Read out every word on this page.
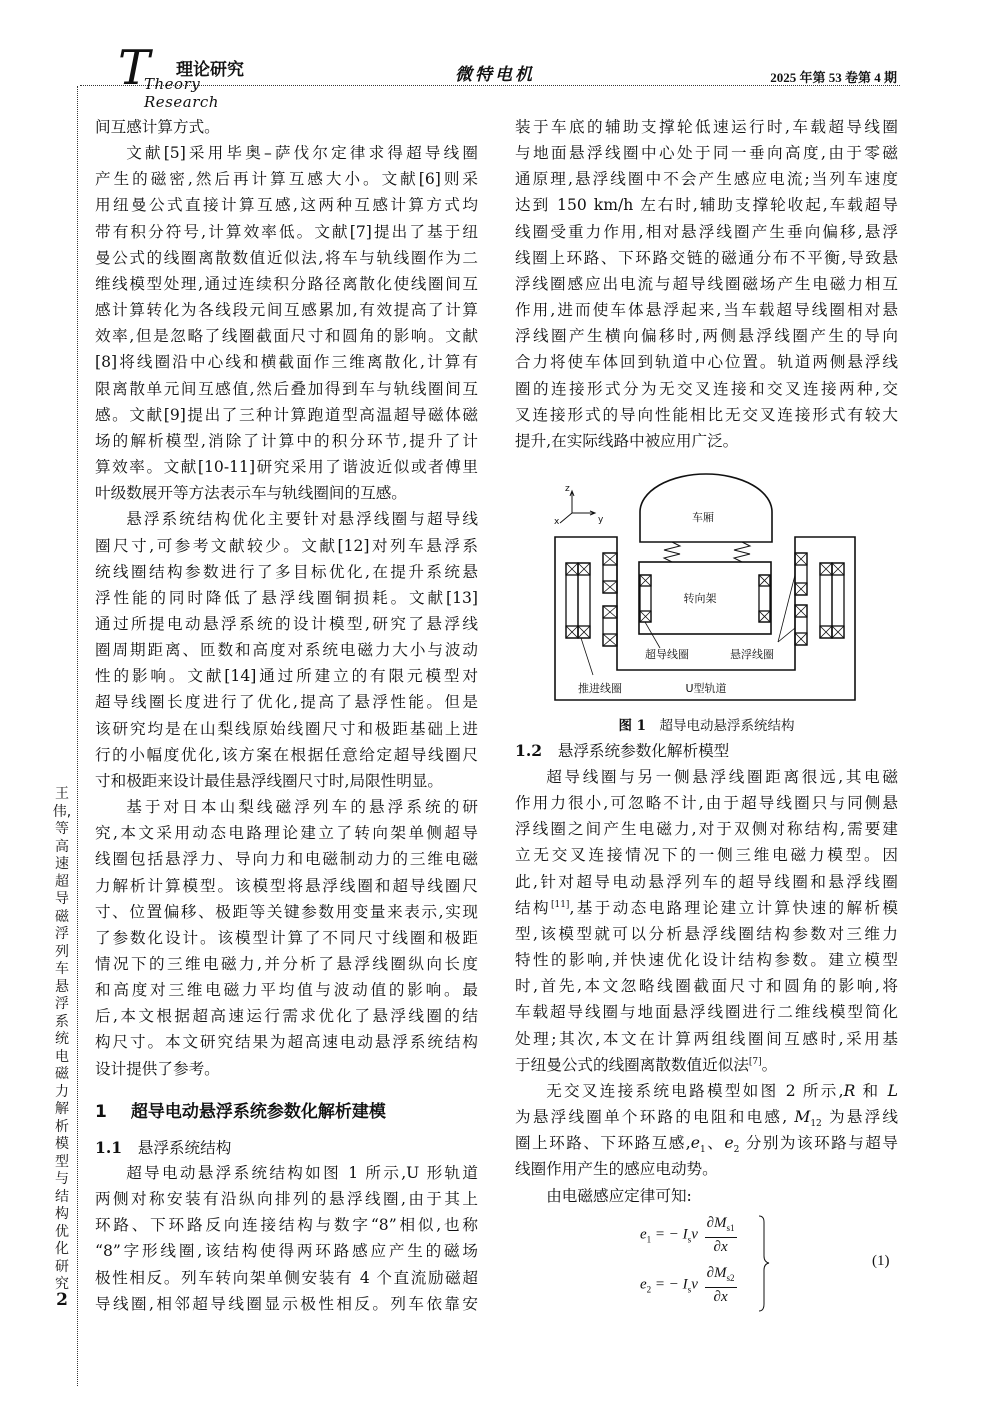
T 理论研究
Theory Research
微特电机	2025 年第 53 卷第 4 期
王　伟,等　高速超导磁浮列车悬浮系统电磁力解析模型与结构优化研究
2
间互感计算方式。
文献[5]采用毕奥–萨伐尔定律求得超导线圈
产生的磁密,然后再计算互感大小。文献[6]则采
用纽曼公式直接计算互感,这两种互感计算方式均
带有积分符号,计算效率低。文献[7]提出了基于纽
曼公式的线圈离散数值近似法,将车与轨线圈作为二
维线模型处理,通过连续积分路径离散化使线圈间互
感计算转化为各线段元间互感累加,有效提高了计算
效率,但是忽略了线圈截面尺寸和圆角的影响。文献
[8]将线圈沿中心线和横截面作三维离散化,计算有
限离散单元间互感值,然后叠加得到车与轨线圈间互
感。文献[9]提出了三种计算跑道型高温超导磁体磁
场的解析模型,消除了计算中的积分环节,提升了计
算效率。文献[10-11]研究采用了谐波近似或者傅里
叶级数展开等方法表示车与轨线圈间的互感。
悬浮系统结构优化主要针对悬浮线圈与超导线
圈尺寸,可参考文献较少。文献[12]对列车悬浮系
统线圈结构参数进行了多目标优化,在提升系统悬
浮性能的同时降低了悬浮线圈铜损耗。文献[13]
通过所提电动悬浮系统的设计模型,研究了悬浮线
圈周期距离、匝数和高度对系统电磁力大小与波动
性的影响。文献[14]通过所建立的有限元模型对
超导线圈长度进行了优化,提高了悬浮性能。但是
该研究均是在山梨线原始线圈尺寸和极距基础上进
行的小幅度优化,该方案在根据任意给定超导线圈尺
寸和极距来设计最佳悬浮线圈尺寸时,局限性明显。
基于对日本山梨线磁浮列车的悬浮系统的研
究,本文采用动态电路理论建立了转向架单侧超导
线圈包括悬浮力、导向力和电磁制动力的三维电磁
力解析计算模型。该模型将悬浮线圈和超导线圈尺
寸、位置偏移、极距等关键参数用变量来表示,实现
了参数化设计。该模型计算了不同尺寸线圈和极距
情况下的三维电磁力,并分析了悬浮线圈纵向长度
和高度对三维电磁力平均值与波动值的影响。最
后,本文根据超高速运行需求优化了悬浮线圈的结
构尺寸。本文研究结果为超高速电动悬浮系统结构
设计提供了参考。
1 超导电动悬浮系统参数化解析建模
1.1 悬浮系统结构
超导电动悬浮系统结构如图 1 所示,U 形轨道
两侧对称安装有沿纵向排列的悬浮线圈,由于其上
环路、下环路反向连接结构与数字“8”相似,也称
“8”字形线圈,该结构使得两环路感应产生的磁场
极性相反。列车转向架单侧安装有 4 个直流励磁超
导线圈,相邻超导线圈显示极性相反。列车依靠安
装于车底的辅助支撑轮低速运行时,车载超导线圈
与地面悬浮线圈中心处于同一垂向高度,由于零磁
通原理,悬浮线圈中不会产生感应电流;当列车速度
达到 150 km/h 左右时,辅助支撑轮收起,车载超导
线圈受重力作用,相对悬浮线圈产生垂向偏移,悬浮
线圈上环路、下环路交链的磁通分布不平衡,导致悬
浮线圈感应出电流与超导线圈磁场产生电磁力相互
作用,进而使车体悬浮起来,当车载超导线圈相对悬
浮线圈产生横向偏移时,两侧悬浮线圈产生的导向
合力将使车体回到轨道中心位置。轨道两侧悬浮线
圈的连接形式分为无交叉连接和交叉连接两种,交
叉连接形式的导向性能相比无交叉连接形式有较大
提升,在实际线路中被应用广泛。
z
y
x	车厢
转向架
超导线圈	悬浮线圈
推进线圈	U型轨道
图 1 超导电动悬浮系统结构
1.2 悬浮系统参数化解析模型
超导线圈与另一侧悬浮线圈距离很远,其电磁
作用力很小,可忽略不计,由于超导线圈只与同侧悬
浮线圈之间产生电磁力,对于双侧对称结构,需要建
立无交叉连接情况下的一侧三维电磁力模型。因
此,针对超导电动悬浮列车的超导线圈和悬浮线圈
结构[11],基于动态电路理论建立计算快速的解析模
型,该模型就可以分析悬浮线圈结构参数对三维力
特性的影响,并快速优化设计结构参数。建立模型
时,首先,本文忽略线圈截面尺寸和圆角的影响,将
车载超导线圈与地面悬浮线圈进行二维线模型简化
处理;其次,本文在计算两组线圈间互感时,采用基
于纽曼公式的线圈离散数值近似法[7]。
无交叉连接系统电路模型如图 2 所示,R 和 L
为悬浮线圈单个环路的电阻和电感, $M_{12}$ 为悬浮线
圈上环路、下环路互感$,e_1$、$e_2$ 分别为该环路与超导
线圈作用产生的感应电动势。
由电磁感应定律可知:
$e_1$ = − $I_sv \frac{\partial M_{s1}}{\partial x}$
$e_2$ = − $I_sv \frac{\partial M_{s2}}{\partial x}$
(1)
